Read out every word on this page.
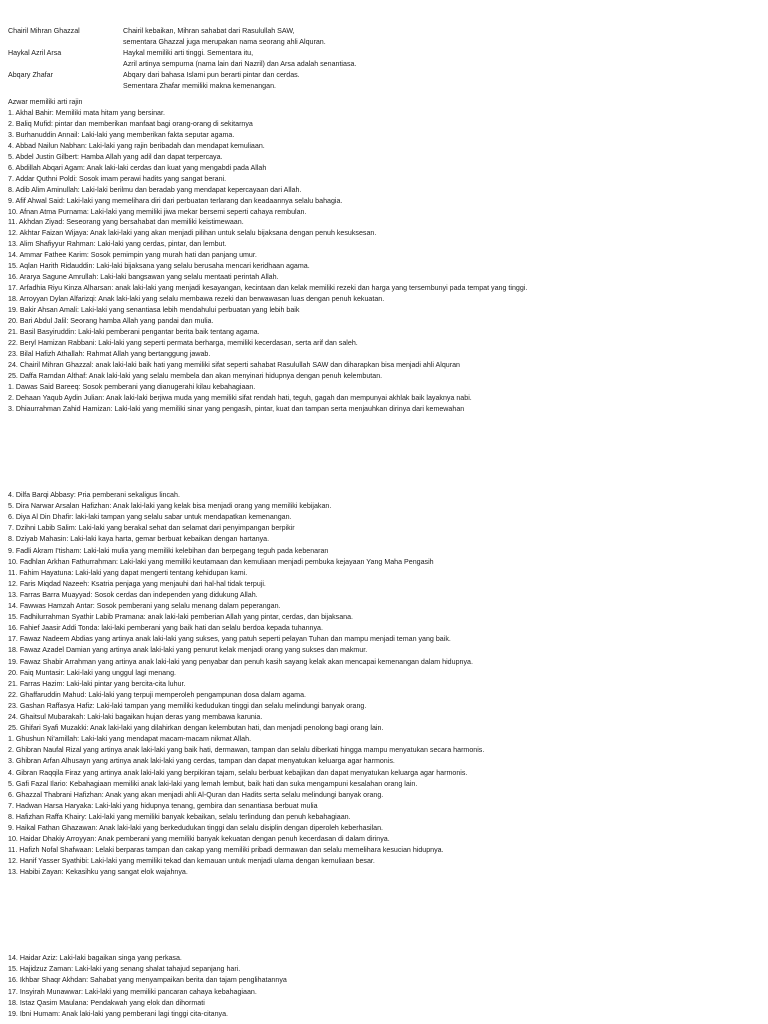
Chairil Mihran Ghazzal	Chairil kebaikan, Mihran sahabat dari Rasulullah SAW,
sementara Ghazzal juga merupakan nama seorang ahli Alquran.
Haykal Azril Arsa	Haykal memiliki arti tinggi. Sementara itu,
Azril artinya sempurna (nama lain dari Nazril) dan Arsa adalah senantiasa.
Abqary Zhafar	Abqary dari bahasa Islami pun berarti pintar dan cerdas.
Sementara Zhafar memiliki makna kemenangan.
Azwar memiliki arti rajin
1. Akhal Bahir: Memiliki mata hitam yang bersinar.
2. Baliq Mufid: pintar dan memberikan manfaat bagi orang-orang di sekitarnya
3. Burhanuddin Annail: Laki-laki yang memberikan fakta seputar agama.
4. Abbad Nailun Nabhan: Laki-laki yang rajin beribadah dan mendapat kemuliaan.
5. Abdel Justin Gilbert: Hamba Allah yang adil dan dapat terpercaya.
6. Abdillah Abqari Agam: Anak laki-laki cerdas dan kuat yang mengabdi pada Allah
7. Addar Quthni Poldi: Sosok imam perawi hadits yang sangat berani.
8. Adib Alim Aminullah: Laki-laki berilmu dan beradab yang mendapat kepercayaan dari Allah.
9. Afif Ahwal Said: Laki-laki yang memelihara diri dari perbuatan terlarang dan keadaannya selalu bahagia.
10. Afnan Atma Purnama: Laki-laki yang memiliki jiwa mekar bersemi seperti cahaya rembulan.
11. Akhdan Ziyad: Seseorang yang bersahabat dan memiliki keistimewaan.
12. Akhtar Faizan Wijaya: Anak laki-laki yang akan menjadi pilihan untuk selalu bijaksana dengan penuh kesuksesan.
13. Alim Shafiyyur Rahman: Laki-laki yang cerdas, pintar, dan lembut.
14. Ammar Fathee Karim: Sosok pemimpin yang murah hati dan panjang umur.
15. Aqlan Harith Ridauddin: Laki-laki bijaksana yang selalu berusaha mencari keridhaan agama.
16. Ararya Sagune Amrullah: Laki-laki bangsawan yang selalu mentaati perintah Allah.
17. Arfadhia Riyu Kinza Alharsan: anak laki-laki yang menjadi kesayangan, kecintaan dan kelak memiliki rezeki dan harga yang tersembunyi pada tempat yang tinggi.
18. Arroyyan Dylan Alfarizqi: Anak laki-laki yang selalu membawa rezeki dan berwawasan luas dengan penuh kekuatan.
19. Bakir Ahsan Amali: Laki-laki yang senantiasa lebih mendahului perbuatan yang lebih baik
20. Bari Abdul Jalil: Seorang hamba Allah yang pandai dan mulia.
21. Basil Basyiruddin: Laki-laki pemberani pengantar berita baik tentang agama.
22. Beryl Hamizan Rabbani: Laki-laki yang seperti permata berharga, memiliki kecerdasan, serta arif dan saleh.
23. Bilal Hafizh Athallah: Rahmat Allah yang bertanggung jawab.
24. Chairil Mihran Ghazzal: anak laki-laki baik hati yang memiliki sifat seperti sahabat Rasulullah SAW dan diharapkan bisa menjadi ahli Alquran
25. Daffa Ramdan Althaf: Anak laki-laki yang selalu membela dan akan menyinari hidupnya dengan penuh kelembutan.
1. Dawas Said Bareeq: Sosok pemberani yang dianugerahi kilau kebahagiaan.
2. Dehaan Yaqub Aydin Julian: Anak laki-laki berjiwa muda yang memiliki sifat rendah hati, teguh, gagah dan mempunyai akhlak baik layaknya nabi.
3. Dhiaurrahman Zahid Hamizan: Laki-laki yang memiliki sinar yang pengasih, pintar, kuat dan tampan serta menjauhkan dirinya dari kemewahan
4. Dilfa Barqi Abbasy: Pria pemberani sekaligus lincah.
5. Dira Narwar Arsalan Hafizhan: Anak laki-laki yang kelak bisa menjadi orang yang memiliki kebijakan.
6. Diya Al Din Dhafir: laki-laki tampan yang selalu sabar untuk mendapatkan kemenangan.
7. Dzihni Labib Salim: Laki-laki yang berakal sehat dan selamat dari penyimpangan berpikir
8. Dziyab Mahasin: Laki-laki kaya harta, gemar berbuat kebaikan dengan hartanya.
9. Fadli Akram I'tisham: Laki-laki mulia yang memiliki kelebihan dan berpegang teguh pada kebenaran
10. Fadhlan Arkhan Fathurrahman: Laki-laki yang memiliki keutamaan dan kemuliaan menjadi pembuka kejayaan Yang Maha Pengasih
11. Fahim Hayatuna: Laki-laki yang dapat mengerti tentang kehidupan kami.
12. Faris Miqdad Nazeeh: Ksatria penjaga yang menjauhi dari hal-hal tidak terpuji.
13. Farras Barra Muayyad: Sosok cerdas dan independen yang didukung Allah.
14. Fawwas Hamzah Antar: Sosok pemberani yang selalu menang dalam peperangan.
15. Fadhilurrahman Syathir Labib Pramana: anak laki-laki pemberian Allah yang pintar, cerdas, dan bijaksana.
16. Fahief Jaasir Addi Tonda: laki-laki pemberani yang baik hati dan selalu berdoa kepada tuhannya.
17. Fawaz Nadeem Abdias yang artinya anak laki-laki yang sukses, yang patuh seperti pelayan Tuhan dan mampu menjadi teman yang baik.
18. Fawaz Azadel Damian yang artinya anak laki-laki yang penurut kelak menjadi orang yang sukses dan makmur.
19. Fawaz Shabir Arrahman yang artinya anak laki-laki yang penyabar dan penuh kasih sayang kelak akan mencapai kemenangan dalam hidupnya.
20. Faiq Muntasir: Laki-laki yang unggul lagi menang.
21. Farras Hazim: Laki-laki pintar yang bercita-cita luhur.
22. Ghaffaruddin Mahud: Laki-laki yang terpuji memperoleh pengampunan dosa dalam agama.
23. Gashan Raffasya Hafiz: Laki-laki tampan yang memiliki kedudukan tinggi dan selalu melindungi banyak orang.
24. Ghaitsul Mubarakah: Laki-laki bagaikan hujan deras yang membawa karunia.
25. Ghifari Syafi Muzakki: Anak laki-laki yang dilahirkan dengan kelembutan hati, dan menjadi penolong bagi orang lain.
1. Ghushun Ni'amillah: Laki-laki yang mendapat macam-macam nikmat Allah.
2. Ghibran Naufal Rizal yang artinya anak laki-laki yang baik hati, dermawan, tampan dan selalu diberkati hingga mampu menyatukan secara harmonis.
3. Ghibran Arfan Alhusayn yang artinya anak laki-laki yang cerdas, tampan dan dapat menyatukan keluarga agar harmonis.
4. Gibran Raqqila Firaz yang artinya anak laki-laki yang berpikiran tajam, selalu berbuat kebajikan dan dapat menyatukan keluarga agar harmonis.
5. Gafi Fazal Ilario: Kebahagiaan memiliki anak laki-laki yang lemah lembut, baik hati dan suka mengampuni kesalahan orang lain.
6. Ghazzal Thabrani Hafizhan: Anak yang akan menjadi ahli Al-Quran dan Hadits serta selalu melindungi banyak orang.
7. Hadwan Harsa Haryaka: Laki-laki yang hidupnya tenang, gembira dan senantiasa berbuat mulia
8. Hafizhan Raffa Khairy: Laki-laki yang memiliki banyak kebaikan, selalu terlindung dan penuh kebahagiaan.
9. Haikal Fathan Ghazawan: Anak laki-laki yang berkedudukan tinggi dan selalu disiplin dengan diperoleh keberhasilan.
10. Haidar Dhakiy Arroyyan: Anak pemberani yang memiliki banyak kekuatan dengan penuh kecerdasan di dalam dirinya.
11. Hafizh Nofal Shafwaan: Lelaki berparas tampan dan cakap yang memiliki pribadi dermawan dan selalu memelihara kesucian hidupnya.
12. Hanif Yasser Syathibi: Laki-laki yang memiliki tekad dan kemauan untuk menjadi ulama dengan kemuliaan besar.
13. Habibi Zayan: Kekasihku yang sangat elok wajahnya.
14. Haidar Aziz: Laki-laki bagaikan singa yang perkasa.
15. Hajidzuz Zaman: Laki-laki yang senang shalat tahajud sepanjang hari.
16. Ikhbar Shaqr Akhdan: Sahabat yang menyampaikan berita dan tajam penglihatannya
17. Insyirah Munawwar: Laki-laki yang memiliki pancaran cahaya kebahagiaan.
18. Istaz Qasim Maulana: Pendakwah yang elok dan dihormati
19. Ibni Humam: Anak laki-laki yang pemberani lagi tinggi cita-citanya.
